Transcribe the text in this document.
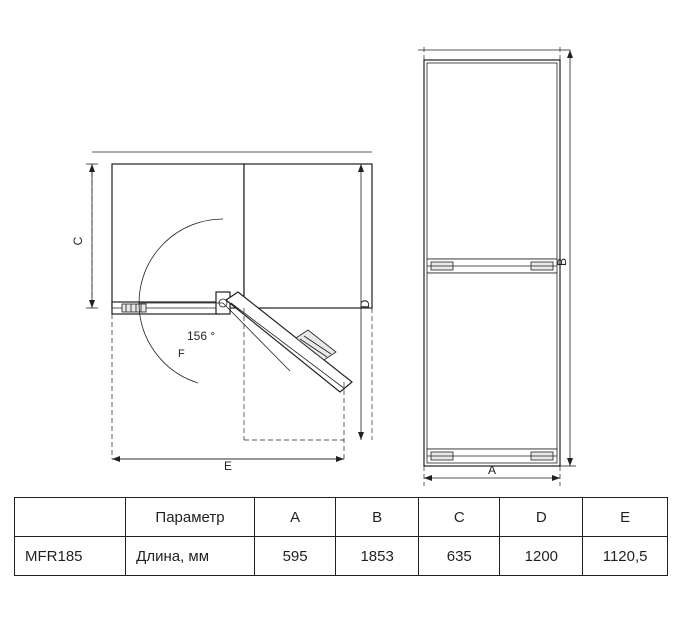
156 °
F
C
D
E	A
B
	Параметр	A	B	C	D	E
MFR185	Длина, мм	595	1853	635	1200	1120,5
